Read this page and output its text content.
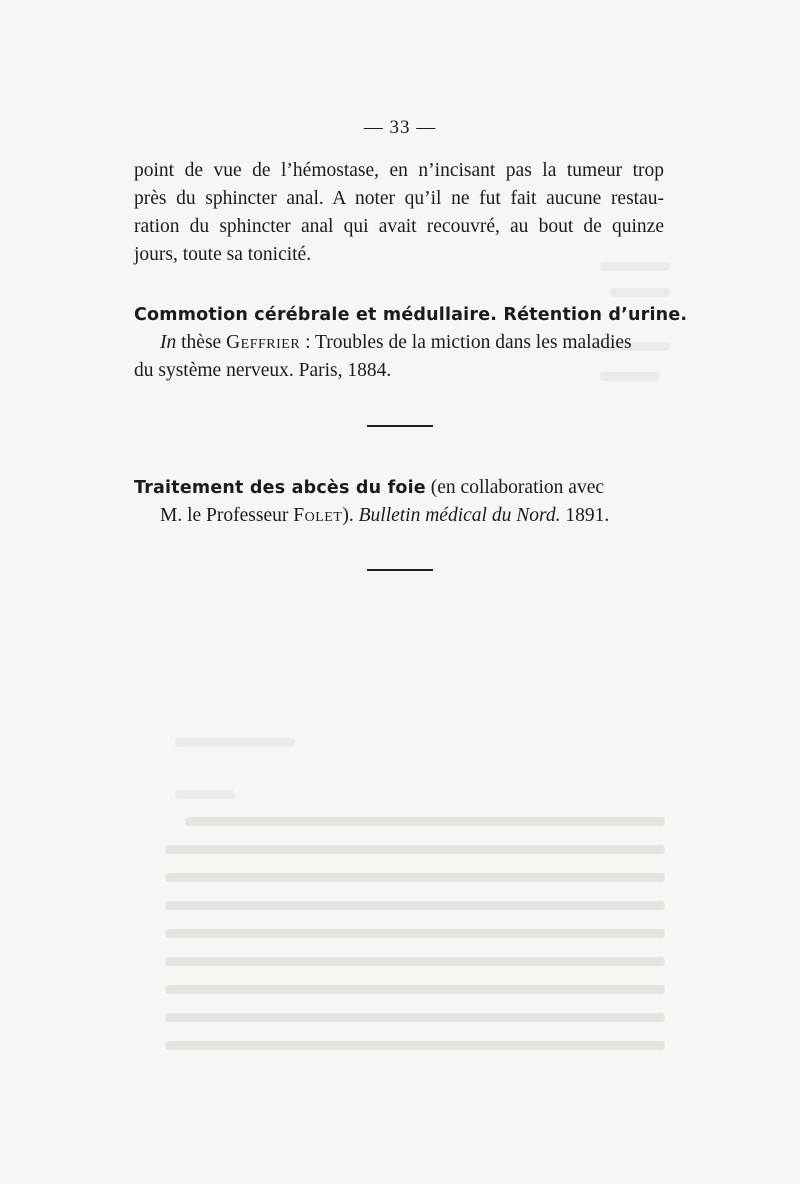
— 33 —
point de vue de l’hémostase, en n’incisant pas la tumeur trop
près du sphincter anal. A noter qu’il ne fut fait aucune restau-
ration du sphincter anal qui avait recouvré, au bout de quinze
jours, toute sa tonicité.
Commotion cérébrale et médullaire. Rétention d’urine.
In thèse Geffrier : Troubles de la miction dans les maladies
du système nerveux. Paris, 1884.
Traitement des abcès du foie (en collaboration avec
M. le Professeur Folet). Bulletin médical du Nord. 1891.
